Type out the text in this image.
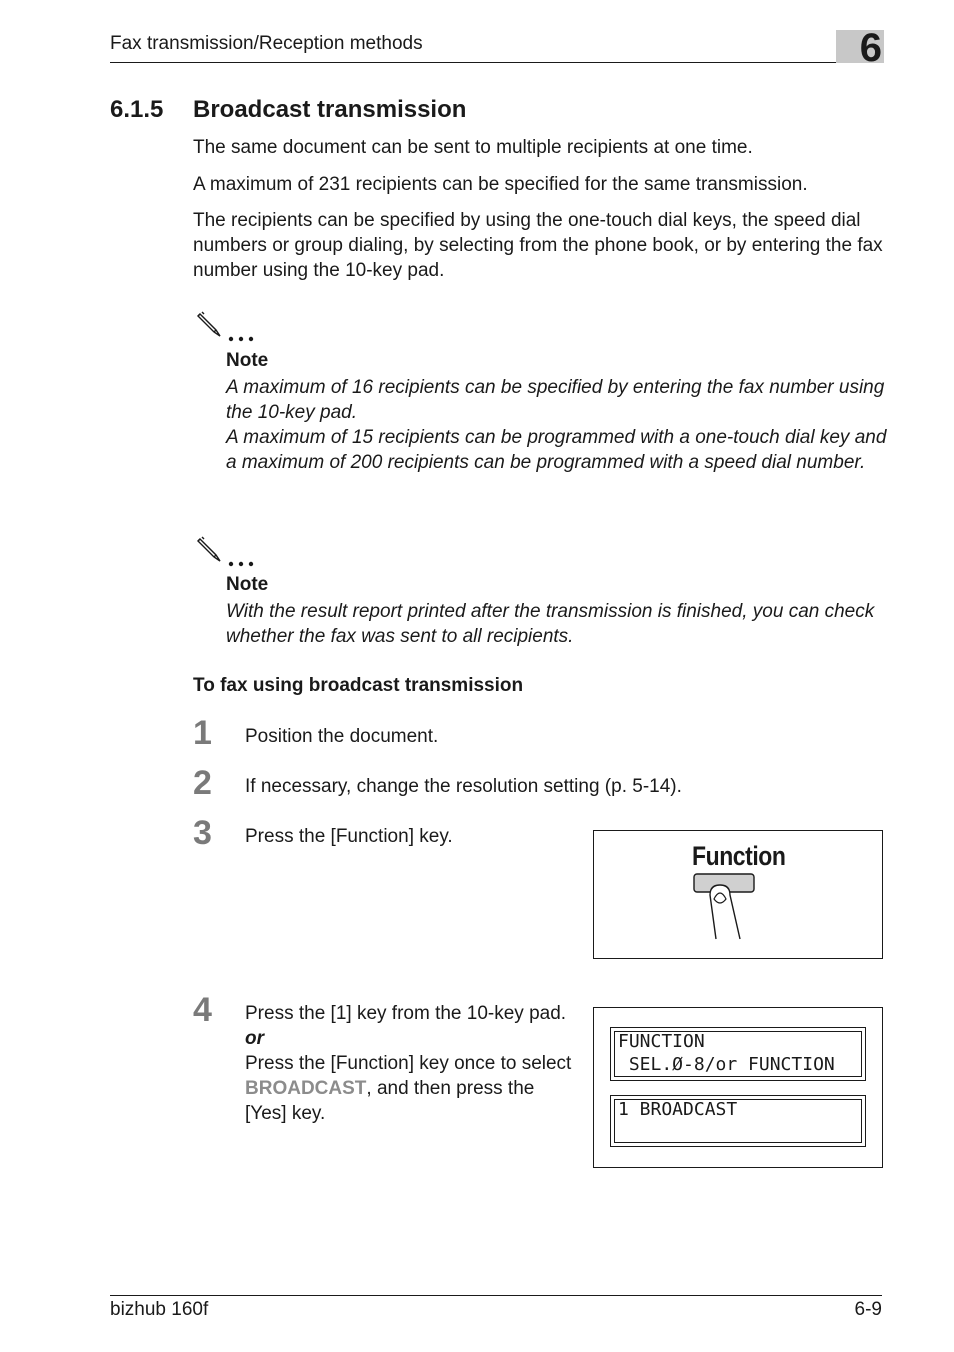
Fax transmission/Reception methods	6
6.1.5 Broadcast transmission
The same document can be sent to multiple recipients at one time.
A maximum of 231 recipients can be specified for the same transmission.
The recipients can be specified by using the one-touch dial keys, the speed dial numbers or group dialing, by selecting from the phone book, or by entering the fax number using the 10-key pad.
Note
A maximum of 16 recipients can be specified by entering the fax number using the 10-key pad.
A maximum of 15 recipients can be programmed with a one-touch dial key and a maximum of 200 recipients can be programmed with a speed dial number.
Note
With the result report printed after the transmission is finished, you can check whether the fax was sent to all recipients.
To fax using broadcast transmission
1 Position the document.
2 If necessary, change the resolution setting (p. 5-14).
3 Press the [Function] key.
4 Press the [1] key from the 10-key pad.
or
Press the [Function] key once to select BROADCAST, and then press the [Yes] key.
Function
FUNCTION
SEL.Ø-8/or FUNCTION
1 BROADCAST
bizhub 160f	6-9
